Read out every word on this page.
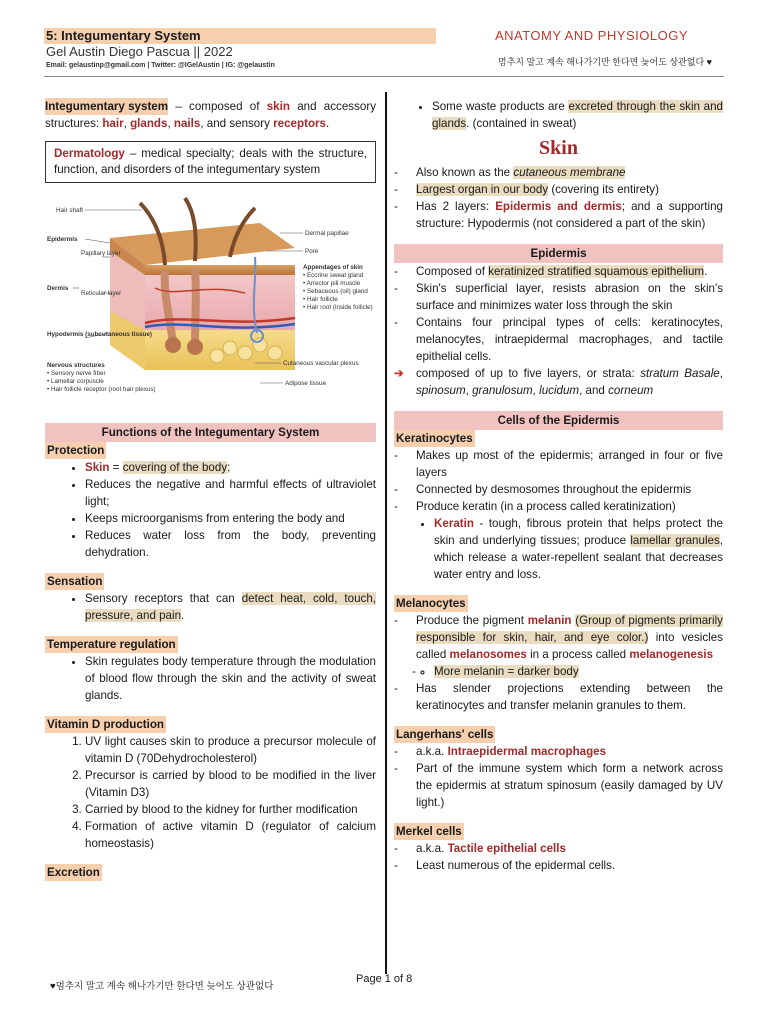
5: Integumentary System
Gel Austin Diego Pascua || 2022
Email: gelaustinp@gmail.com | Twitter: @IGelAustin | IG: @gelaustin
ANATOMY AND PHYSIOLOGY
멈추지 말고 계속 해나가기만 한다면 늦어도 상관없다 ♥
Integumentary system – composed of skin and accessory structures: hair, glands, nails, and sensory receptors.
Dermatology – medical specialty; deals with the structure, function, and disorders of the integumentary system
Hair shaft
Epidermis
Papillary layer
Dermis
Reticular layer
Hypodermis (subcutaneous tissue)
Nervous structures
• Sensory nerve fiber
• Lamellar corpuscle
• Hair follicle receptor (root hair plexus)
Dermal papillae
Pore
Appendages of skin
• Eccrine sweat gland
• Arrector pili muscle
• Sebaceous (oil) gland
• Hair follicle
• Hair root (inside follicle)
Cutaneous vascular plexus
Adipose tissue
Functions of the Integumentary System
Protection
• Skin = covering of the body;
• Reduces the negative and harmful effects of ultraviolet light;
• Keeps microorganisms from entering the body and
• Reduces water loss from the body, preventing dehydration.
Sensation
• Sensory receptors that can detect heat, cold, touch, pressure, and pain.
Temperature regulation
• Skin regulates body temperature through the modulation of blood flow through the skin and the activity of sweat glands.
Vitamin D production
1. UV light causes skin to produce a precursor molecule of vitamin D (70Dehydrocholesterol)
2. Precursor is carried by blood to be modified in the liver (Vitamin D3)
3. Carried by blood to the kidney for further modification
4. Formation of active vitamin D (regulator of calcium homeostasis)
Excretion
• Some waste products are excreted through the skin and glands. (contained in sweat)
Skin
- Also known as the cutaneous membrane
- Largest organ in our body (covering its entirety)
- Has 2 layers: Epidermis and dermis; and a supporting structure: Hypodermis (not considered a part of the skin)
Epidermis
- Composed of keratinized stratified squamous epithelium.
- Skin's superficial layer, resists abrasion on the skin's surface and minimizes water loss through the skin
- Contains four principal types of cells: keratinocytes, melanocytes, intraepidermal macrophages, and tactile epithelial cells.
➔ composed of up to five layers, or strata: stratum Basale, spinosum, granulosum, lucidum, and corneum
Cells of the Epidermis
Keratinocytes
- Makes up most of the epidermis; arranged in four or five layers
- Connected by desmosomes throughout the epidermis
- Produce keratin (in a process called keratinization)
• Keratin - tough, fibrous protein that helps protect the skin and underlying tissues; produce lamellar granules, which release a water-repellent sealant that decreases water entry and loss.
Melanocytes
- Produce the pigment melanin (Group of pigments primarily responsible for skin, hair, and eye color.) into vesicles called melanosomes in a process called melanogenesis
- ◦ More melanin = darker body
- Has slender projections extending between the keratinocytes and transfer melanin granules to them.
Langerhans' cells
- a.k.a. Intraepidermal macrophages
- Part of the immune system which form a network across the epidermis at stratum spinosum (easily damaged by UV light.)
Merkel cells
- a.k.a. Tactile epithelial cells
- Least numerous of the epidermal cells.
♥멈추지 말고 계속 해나가기만 한다면 늦어도 상관없다
Page 1 of 8
